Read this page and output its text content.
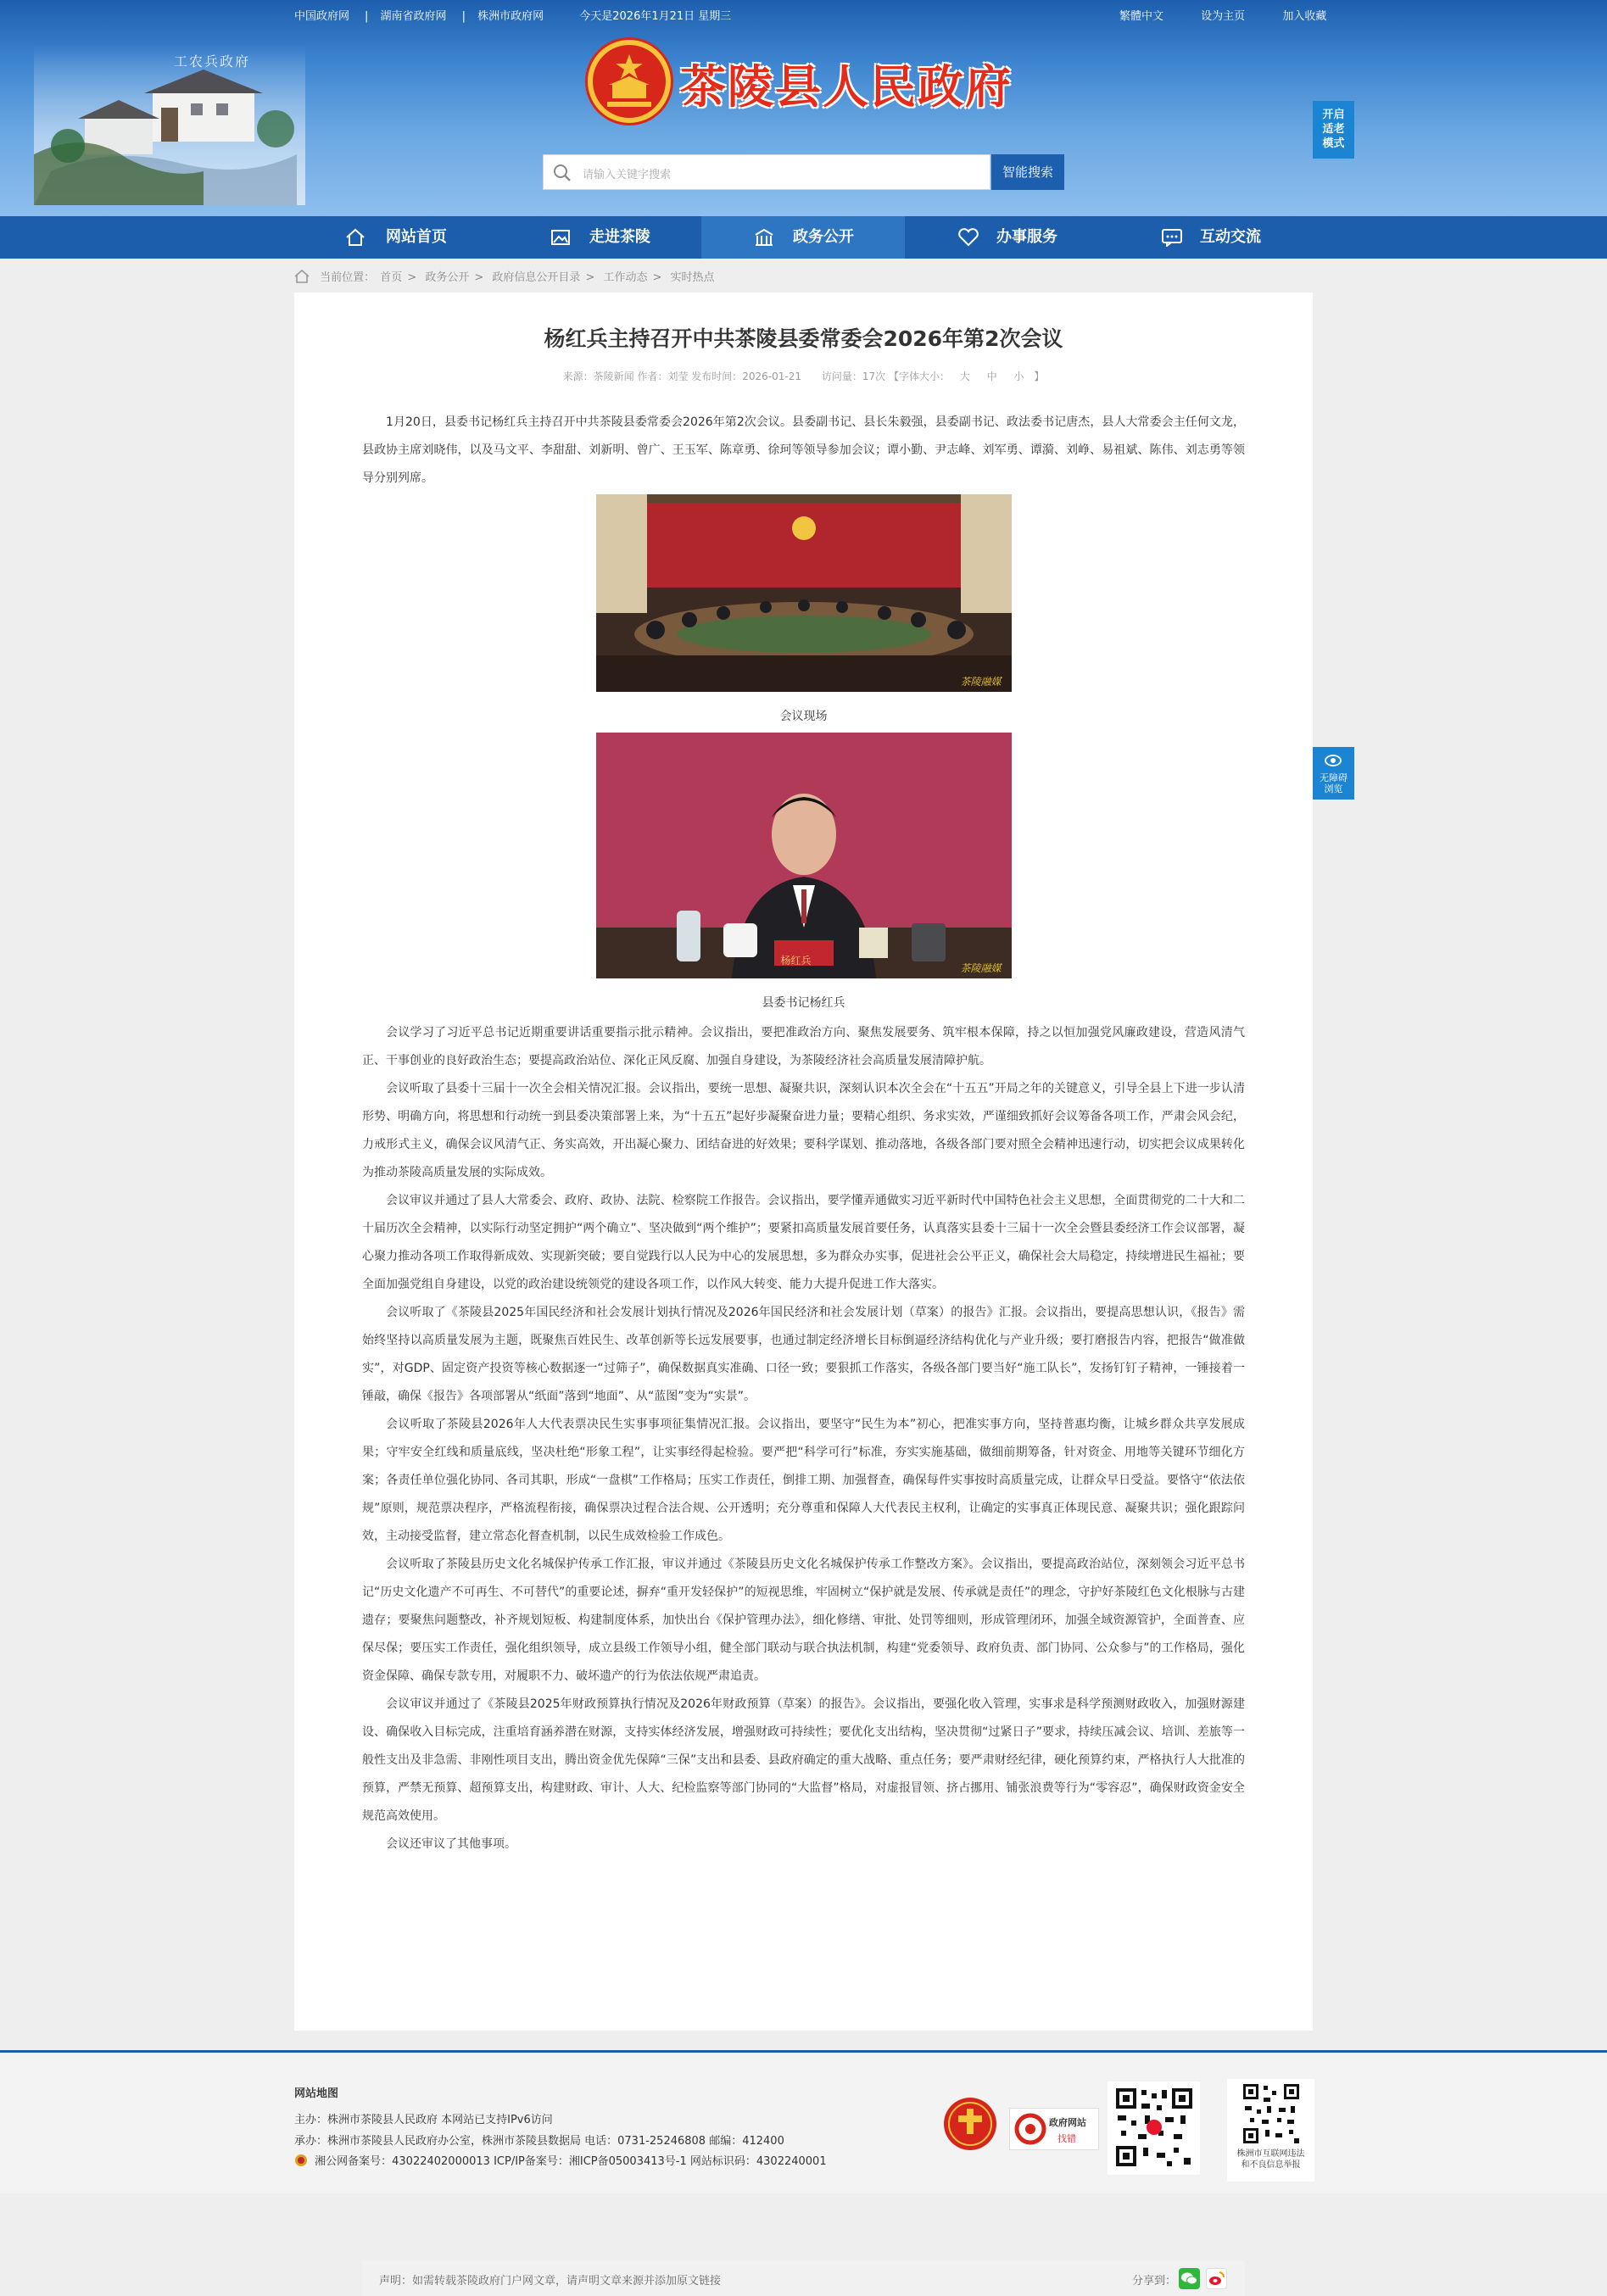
中国政府网 | 湖南省政府网 | 株洲市政府网	今天是2026年1月21日 星期三	繁體中文	设为主页	加入收藏
工农兵政府	茶陵县人民政府
请输入关键字搜索	智能搜索
开启
适老
模式
网站首页	走进茶陵	政务公开	办事服务	互动交流
当前位置： 首页 > 政务公开 > 政府信息公开目录 > 工作动态 > 实时热点
杨红兵主持召开中共茶陵县委常委会2026年第2次会议
来源：茶陵新闻 作者：刘莹 发布时间：2026-01-21 访问量：17次 【字体大小： 大 中 小 】

1月20日，县委书记杨红兵主持召开中共茶陵县委常委会2026年第2次会议。县委副书记、县长朱毅强，县委副书记、政法委书记唐杰，县人大常委会主任何文龙，县政协主席刘晓伟，以及马文平、李甜甜、刘新明、曾广、王玉军、陈章勇、徐珂等领导参加会议；谭小勤、尹志峰、刘军勇、谭漪、刘峥、易祖斌、陈伟、刘志勇等领导分别列席。

茶陵融媒
会议现场
杨红兵
茶陵融媒
县委书记杨红兵

会议学习了习近平总书记近期重要讲话重要指示批示精神。会议指出，要把准政治方向、聚焦发展要务、筑牢根本保障，持之以恒加强党风廉政建设，营造风清气正、干事创业的良好政治生态；要提高政治站位、深化正风反腐、加强自身建设，为茶陵经济社会高质量发展清障护航。

会议听取了县委十三届十一次全会相关情况汇报。会议指出，要统一思想、凝聚共识，深刻认识本次全会在“十五五”开局之年的关键意义，引导全县上下进一步认清形势、明确方向，将思想和行动统一到县委决策部署上来，为“十五五”起好步凝聚奋进力量；要精心组织、务求实效，严谨细致抓好会议筹备各项工作，严肃会风会纪，力戒形式主义，确保会议风清气正、务实高效，开出凝心聚力、团结奋进的好效果；要科学谋划、推动落地，各级各部门要对照全会精神迅速行动，切实把会议成果转化为推动茶陵高质量发展的实际成效。

会议审议并通过了县人大常委会、政府、政协、法院、检察院工作报告。会议指出，要学懂弄通做实习近平新时代中国特色社会主义思想，全面贯彻党的二十大和二十届历次全会精神，以实际行动坚定拥护“两个确立”、坚决做到“两个维护”；要紧扣高质量发展首要任务，认真落实县委十三届十一次全会暨县委经济工作会议部署，凝心聚力推动各项工作取得新成效、实现新突破；要自觉践行以人民为中心的发展思想，多为群众办实事，促进社会公平正义，确保社会大局稳定，持续增进民生福祉；要全面加强党组自身建设，以党的政治建设统领党的建设各项工作，以作风大转变、能力大提升促进工作大落实。

会议听取了《茶陵县2025年国民经济和社会发展计划执行情况及2026年国民经济和社会发展计划（草案）的报告》汇报。会议指出，要提高思想认识，《报告》需始终坚持以高质量发展为主题，既聚焦百姓民生、改革创新等长远发展要事，也通过制定经济增长目标倒逼经济结构优化与产业升级；要打磨报告内容，把报告“做准做实”，对GDP、固定资产投资等核心数据逐一“过筛子”，确保数据真实准确、口径一致；要狠抓工作落实，各级各部门要当好“施工队长”，发扬钉钉子精神，一锤接着一锤敲，确保《报告》各项部署从“纸面”落到“地面”、从“蓝图”变为“实景”。

会议听取了茶陵县2026年人大代表票决民生实事事项征集情况汇报。会议指出，要坚守“民生为本”初心，把准实事方向，坚持普惠均衡，让城乡群众共享发展成果；守牢安全红线和质量底线，坚决杜绝“形象工程”，让实事经得起检验。要严把“科学可行”标准，夯实实施基础，做细前期筹备，针对资金、用地等关键环节细化方案；各责任单位强化协同、各司其职，形成“一盘棋”工作格局；压实工作责任，倒排工期、加强督查，确保每件实事按时高质量完成，让群众早日受益。要恪守“依法依规”原则，规范票决程序，严格流程衔接，确保票决过程合法合规、公开透明；充分尊重和保障人大代表民主权利，让确定的实事真正体现民意、凝聚共识；强化跟踪问效，主动接受监督，建立常态化督查机制，以民生成效检验工作成色。

会议听取了茶陵县历史文化名城保护传承工作汇报，审议并通过《茶陵县历史文化名城保护传承工作整改方案》。会议指出，要提高政治站位，深刻领会习近平总书记“历史文化遗产不可再生、不可替代”的重要论述，摒弃“重开发轻保护”的短视思维，牢固树立“保护就是发展、传承就是责任”的理念，守护好茶陵红色文化根脉与古建遗存；要聚焦问题整改，补齐规划短板、构建制度体系，加快出台《保护管理办法》，细化修缮、审批、处罚等细则，形成管理闭环，加强全域资源管护，全面普查、应保尽保；要压实工作责任，强化组织领导，成立县级工作领导小组，健全部门联动与联合执法机制，构建“党委领导、政府负责、部门协同、公众参与”的工作格局，强化资金保障、确保专款专用，对履职不力、破坏遗产的行为依法依规严肃追责。

会议审议并通过了《茶陵县2025年财政预算执行情况及2026年财政预算（草案）的报告》。会议指出，要强化收入管理，实事求是科学预测财政收入，加强财源建设、确保收入目标完成，注重培育涵养潜在财源，支持实体经济发展，增强财政可持续性；要优化支出结构，坚决贯彻“过紧日子”要求，持续压减会议、培训、差旅等一般性支出及非急需、非刚性项目支出，腾出资金优先保障“三保”支出和县委、县政府确定的重大战略、重点任务；要严肃财经纪律，硬化预算约束，严格执行人大批准的预算，严禁无预算、超预算支出，构建财政、审计、人大、纪检监察等部门协同的“大监督”格局，对虚报冒领、挤占挪用、铺张浪费等行为“零容忍”，确保财政资金安全规范高效使用。

会议还审议了其他事项。

声明：如需转载茶陵政府门户网文章，请声明文章来源并添加原文链接	分享到：
无障碍
浏览
网站地图
主办：株洲市茶陵县人民政府 本网站已支持IPv6访问
承办：株洲市茶陵县人民政府办公室，株洲市茶陵县数据局 电话：0731-25246808 邮编：412400
湘公网备案号：43022402000013 ICP/IP备案号：湘ICP备05003413号-1 网站标识码：4302240001
政府网站
找错
株洲市互联网违法
和不良信息举报
